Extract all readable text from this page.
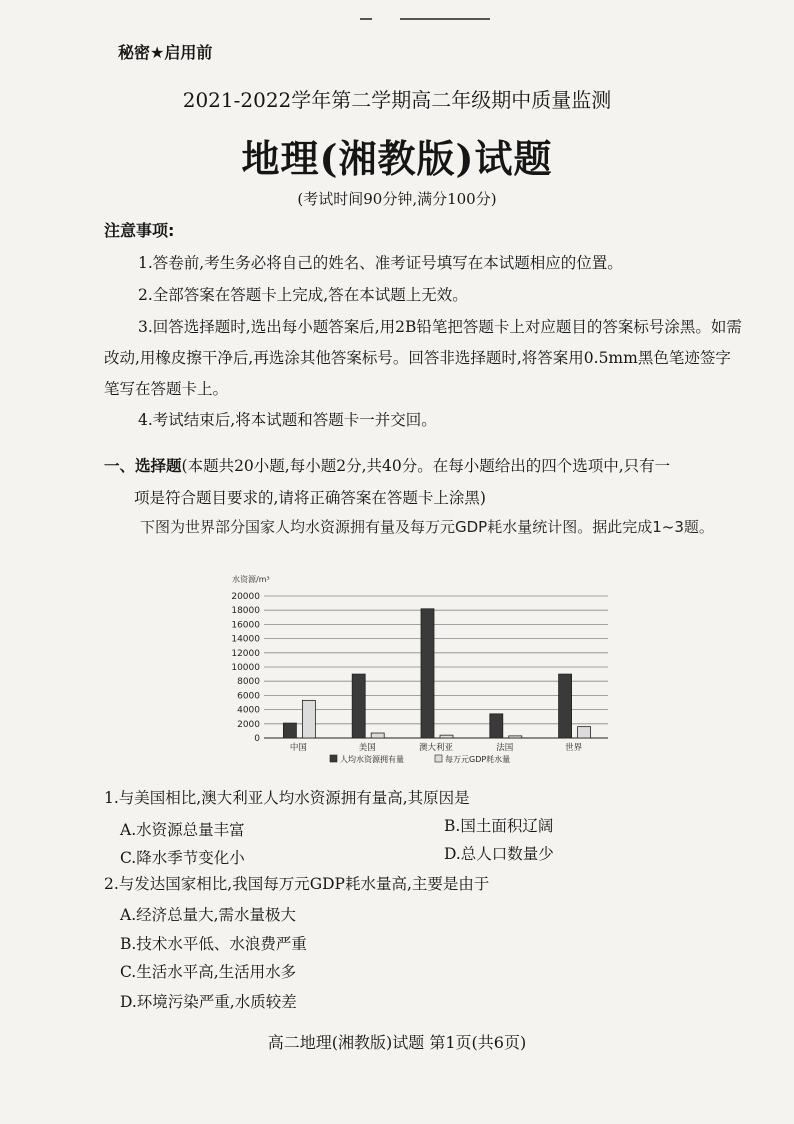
秘密★启用前
2021-2022学年第二学期高二年级期中质量监测
地理(湘教版)试题
(考试时间90分钟,满分100分)
注意事项:
1.答卷前,考生务必将自己的姓名、准考证号填写在本试题相应的位置。
2.全部答案在答题卡上完成,答在本试题上无效。
3.回答选择题时,选出每小题答案后,用2B铅笔把答题卡上对应题目的答案标号涂黑。如需改动,用橡皮擦干净后,再选涂其他答案标号。回答非选择题时,将答案用0.5mm黑色笔迹签字笔写在答题卡上。
4.考试结束后,将本试题和答题卡一并交回。
一、选择题(本题共20小题,每小题2分,共40分。在每小题给出的四个选项中,只有一
项是符合题目要求的,请将正确答案在答题卡上涂黑)
下图为世界部分国家人均水资源拥有量及每万元GDP耗水量统计图。据此完成1~3题。
水资源/m³
0
2000
4000
6000
8000
10000
12000
14000
16000
18000
20000
中国	美国	澳大利亚	法国	世界
人均水资源拥有量	每万元GDP耗水量
1.与美国相比,澳大利亚人均水资源拥有量高,其原因是
A.水资源总量丰富	B.国土面积辽阔
C.降水季节变化小	D.总人口数量少
2.与发达国家相比,我国每万元GDP耗水量高,主要是由于
A.经济总量大,需水量极大
B.技术水平低、水浪费严重
C.生活水平高,生活用水多
D.环境污染严重,水质较差
高二地理(湘教版)试题 第1页(共6页)
